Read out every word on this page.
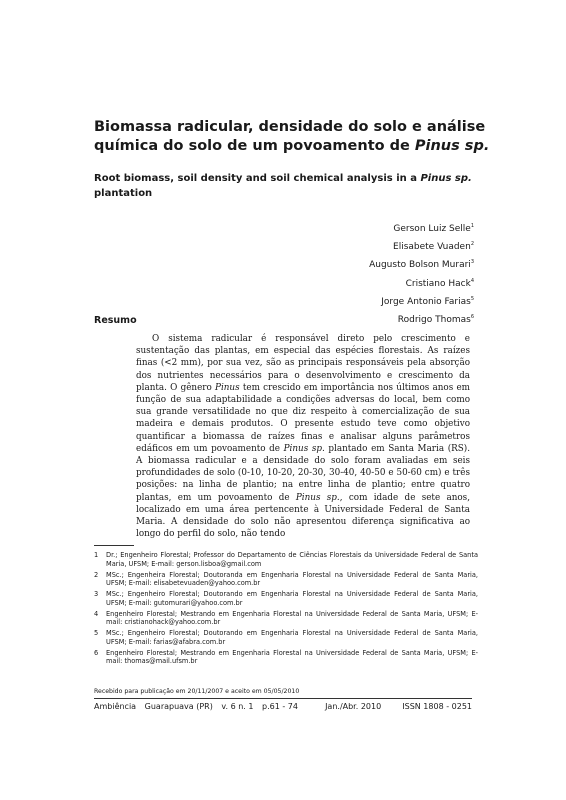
Biomassa radicular, densidade do solo e análise química do solo de um povoamento de Pinus sp.
Root biomass, soil density and soil chemical analysis in a Pinus sp. plantation
Gerson Luiz Selle$^1$
Elisabete Vuaden$^2$
Augusto Bolson Murari$^3$
Cristiano Hack$^4$
Jorge Antonio Farias$^5$
Rodrigo Thomas$^6$
Resumo

O sistema radicular é responsável direto pelo crescimento e sustentação das plantas, em especial das espécies florestais. As raízes finas (<2 mm), por sua vez, são as principais responsáveis pela absorção dos nutrientes necessários para o desenvolvimento e crescimento da planta. O gênero Pinus tem crescido em importância nos últimos anos em função de sua adaptabilidade a condições adversas do local, bem como sua grande versatilidade no que diz respeito à comercialização de sua madeira e demais produtos. O presente estudo teve como objetivo quantificar a biomassa de raízes finas e analisar alguns parâmetros edáficos em um povoamento de Pinus sp. plantado em Santa Maria (RS). A biomassa radicular e a densidade do solo foram avaliadas em seis profundidades de solo (0-10, 10-20, 20-30, 30-40, 40-50 e 50-60 cm) e três posições: na linha de plantio; na entre linha de plantio; entre quatro plantas, em um povoamento de Pinus sp., com idade de sete anos, localizado em uma área pertencente à Universidade Federal de Santa Maria. A densidade do solo não apresentou diferença significativa ao longo do perfil do solo, não tendo

1	Dr.; Engenheiro Florestal; Professor do Departamento de Ciências Florestais da Universidade Federal de Santa Maria, UFSM; E-mail: gerson.lisboa@gmail.com
2	MSc.; Engenheira Florestal; Doutoranda em Engenharia Florestal na Universidade Federal de Santa Maria, UFSM; E-mail: elisabetevuaden@yahoo.com.br
3	MSc.; Engenheiro Florestal; Doutorando em Engenharia Florestal na Universidade Federal de Santa Maria, UFSM; E-mail: gutomurari@yahoo.com.br
4	Engenheiro Florestal; Mestrando em Engenharia Florestal na Universidade Federal de Santa Maria, UFSM; E-mail: cristianohack@yahoo.com.br
5	MSc.; Engenheiro Florestal; Doutorando em Engenharia Florestal na Universidade Federal de Santa Maria, UFSM; E-mail: farias@afabra.com.br
6	Engenheiro Florestal; Mestrando em Engenharia Florestal na Universidade Federal de Santa Maria, UFSM; E-mail: thomas@mail.ufsm.br
Recebido para publicação em 20/11/2007 e aceito em 05/05/2010
Ambiência Guarapuava (PR) v. 6 n. 1 p.61 - 74	Jan./Abr. 2010	ISSN 1808 - 0251
